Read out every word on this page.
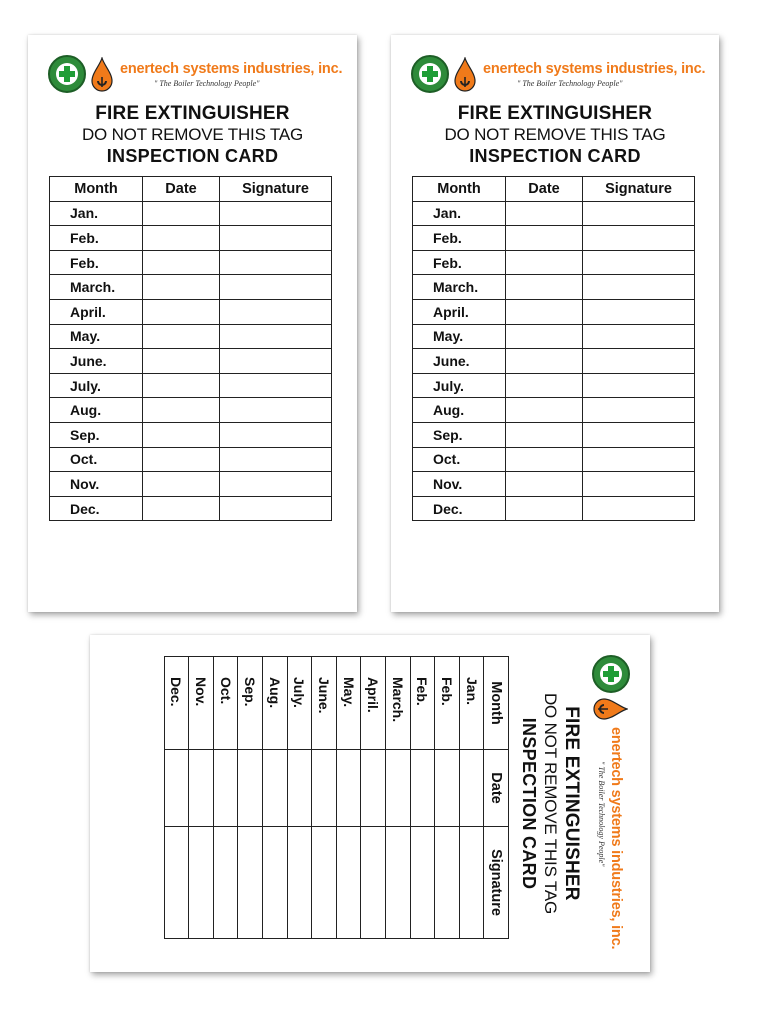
enertech systems industries, inc.
" The Boiler Technology People"
FIRE EXTINGUISHER
DO NOT REMOVE THIS TAG
INSPECTION CARD
Month	Date	Signature
Jan.		
Feb.		
Feb.		
March.		
April.		
May.		
June.		
July.		
Aug.		
Sep.		
Oct.		
Nov.		
Dec.		
enertech systems industries, inc.
" The Boiler Technology People"
FIRE EXTINGUISHER
DO NOT REMOVE THIS TAG
INSPECTION CARD
Month	Date	Signature
Jan.		
Feb.		
Feb.		
March.		
April.		
May.		
June.		
July.		
Aug.		
Sep.		
Oct.		
Nov.		
Dec.		
enertech systems industries, inc.
" The Boiler Technology People"
FIRE EXTINGUISHER
DO NOT REMOVE THIS TAG
INSPECTION CARD
Month	Date	Signature
Jan.		
Feb.		
Feb.		
March.		
April.		
May.		
June.		
July.		
Aug.		
Sep.		
Oct.		
Nov.		
Dec.		
